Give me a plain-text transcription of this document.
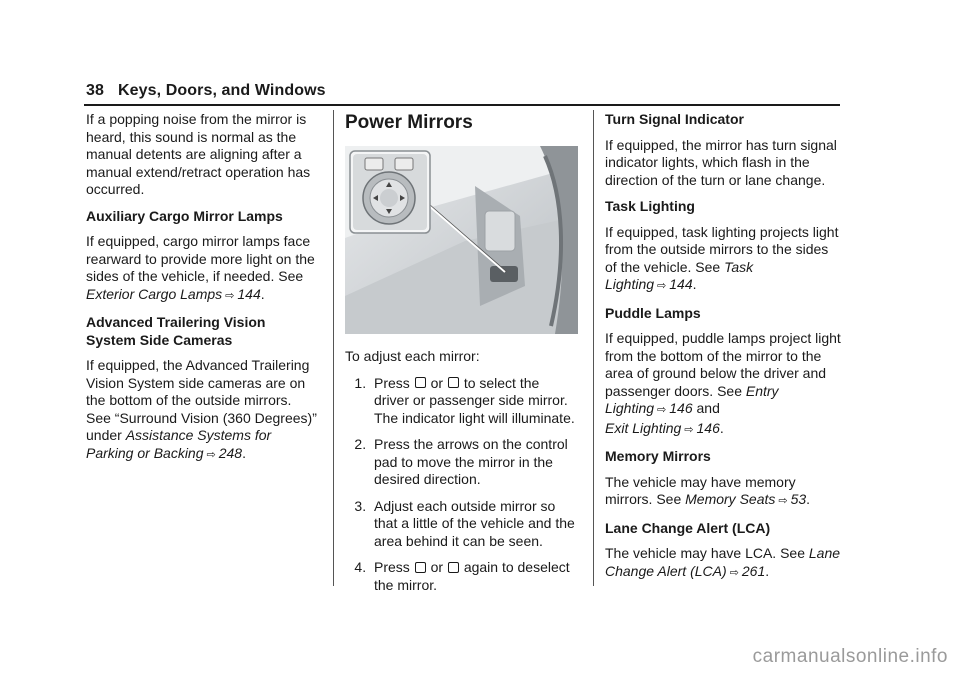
38 Keys, Doors, and Windows

If a popping noise from the mirror is heard, this sound is normal as the manual detents are aligning after a manual extend/retract operation has occurred.

Auxiliary Cargo Mirror Lamps

If equipped, cargo mirror lamps face rearward to provide more light on the sides of the vehicle, if needed. See Exterior Cargo Lamps ⇨ 144.

Advanced Trailering Vision System Side Cameras

If equipped, the Advanced Trailering Vision System side cameras are on the bottom of the outside mirrors. See “Surround Vision (360 Degrees)” under Assistance Systems for Parking or Backing ⇨ 248.

Power Mirrors

To adjust each mirror:

1. Press or to select the driver or passenger side mirror. The indicator light will illuminate.
2. Press the arrows on the control pad to move the mirror in the desired direction.
3. Adjust each outside mirror so that a little of the vehicle and the area behind it can be seen.
4. Press or again to deselect the mirror.

Turn Signal Indicator

If equipped, the mirror has turn signal indicator lights, which flash in the direction of the turn or lane change.

Task Lighting

If equipped, task lighting projects light from the outside mirrors to the sides of the vehicle. See Task Lighting ⇨ 144.

Puddle Lamps

If equipped, puddle lamps project light from the bottom of the mirror to the area of ground below the driver and passenger doors. See Entry Lighting ⇨ 146 and
Exit Lighting ⇨ 146.

Memory Mirrors

The vehicle may have memory mirrors. See Memory Seats ⇨ 53.

Lane Change Alert (LCA)

The vehicle may have LCA. See Lane Change Alert (LCA) ⇨ 261.

carmanualsonline.info
